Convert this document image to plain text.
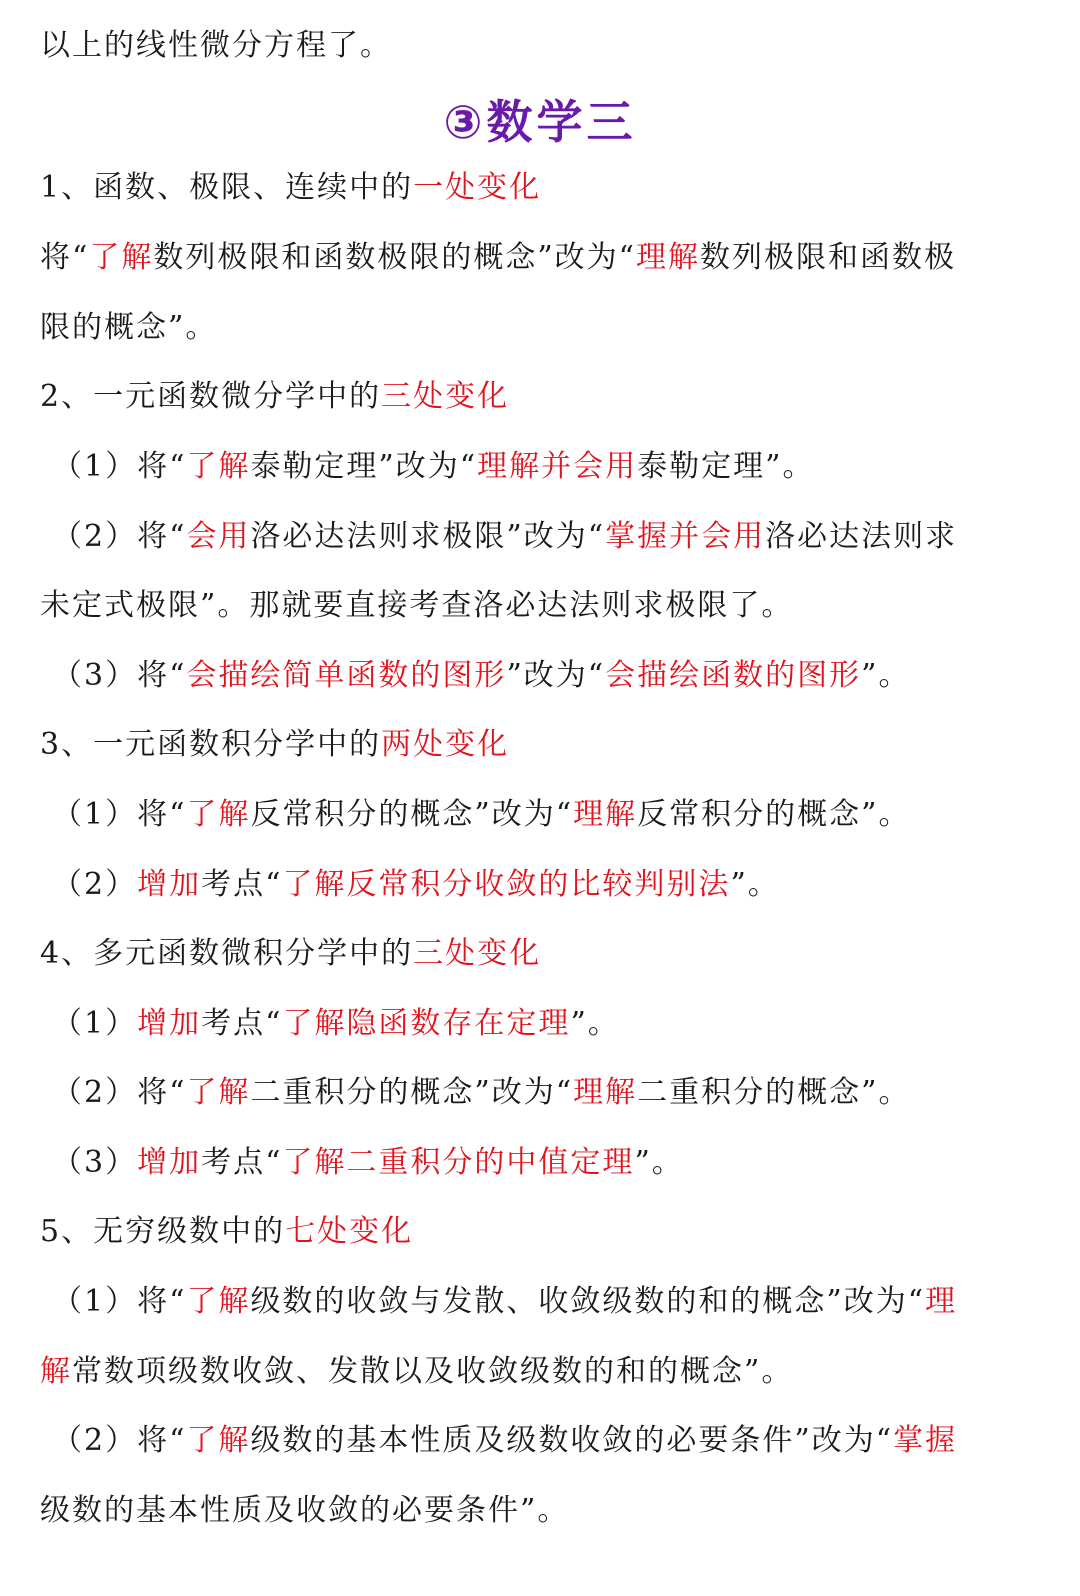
以上的线性微分方程了。
③数学三
1、函数、极限、连续中的一处变化
将“了解数列极限和函数极限的概念”改为“理解数列极限和函数极
限的概念”。
2、一元函数微分学中的三处变化
（1）将“了解泰勒定理”改为“理解并会用泰勒定理”。
（2）将“会用洛必达法则求极限”改为“掌握并会用洛必达法则求
未定式极限”。那就要直接考查洛必达法则求极限了。
（3）将“会描绘简单函数的图形”改为“会描绘函数的图形”。
3、一元函数积分学中的两处变化
（1）将“了解反常积分的概念”改为“理解反常积分的概念”。
（2）增加考点“了解反常积分收敛的比较判别法”。
4、多元函数微积分学中的三处变化
（1）增加考点“了解隐函数存在定理”。
（2）将“了解二重积分的概念”改为“理解二重积分的概念”。
（3）增加考点“了解二重积分的中值定理”。
5、无穷级数中的七处变化
（1）将“了解级数的收敛与发散、收敛级数的和的概念”改为“理
解常数项级数收敛、发散以及收敛级数的和的概念”。
（2）将“了解级数的基本性质及级数收敛的必要条件”改为“掌握
级数的基本性质及收敛的必要条件”。
